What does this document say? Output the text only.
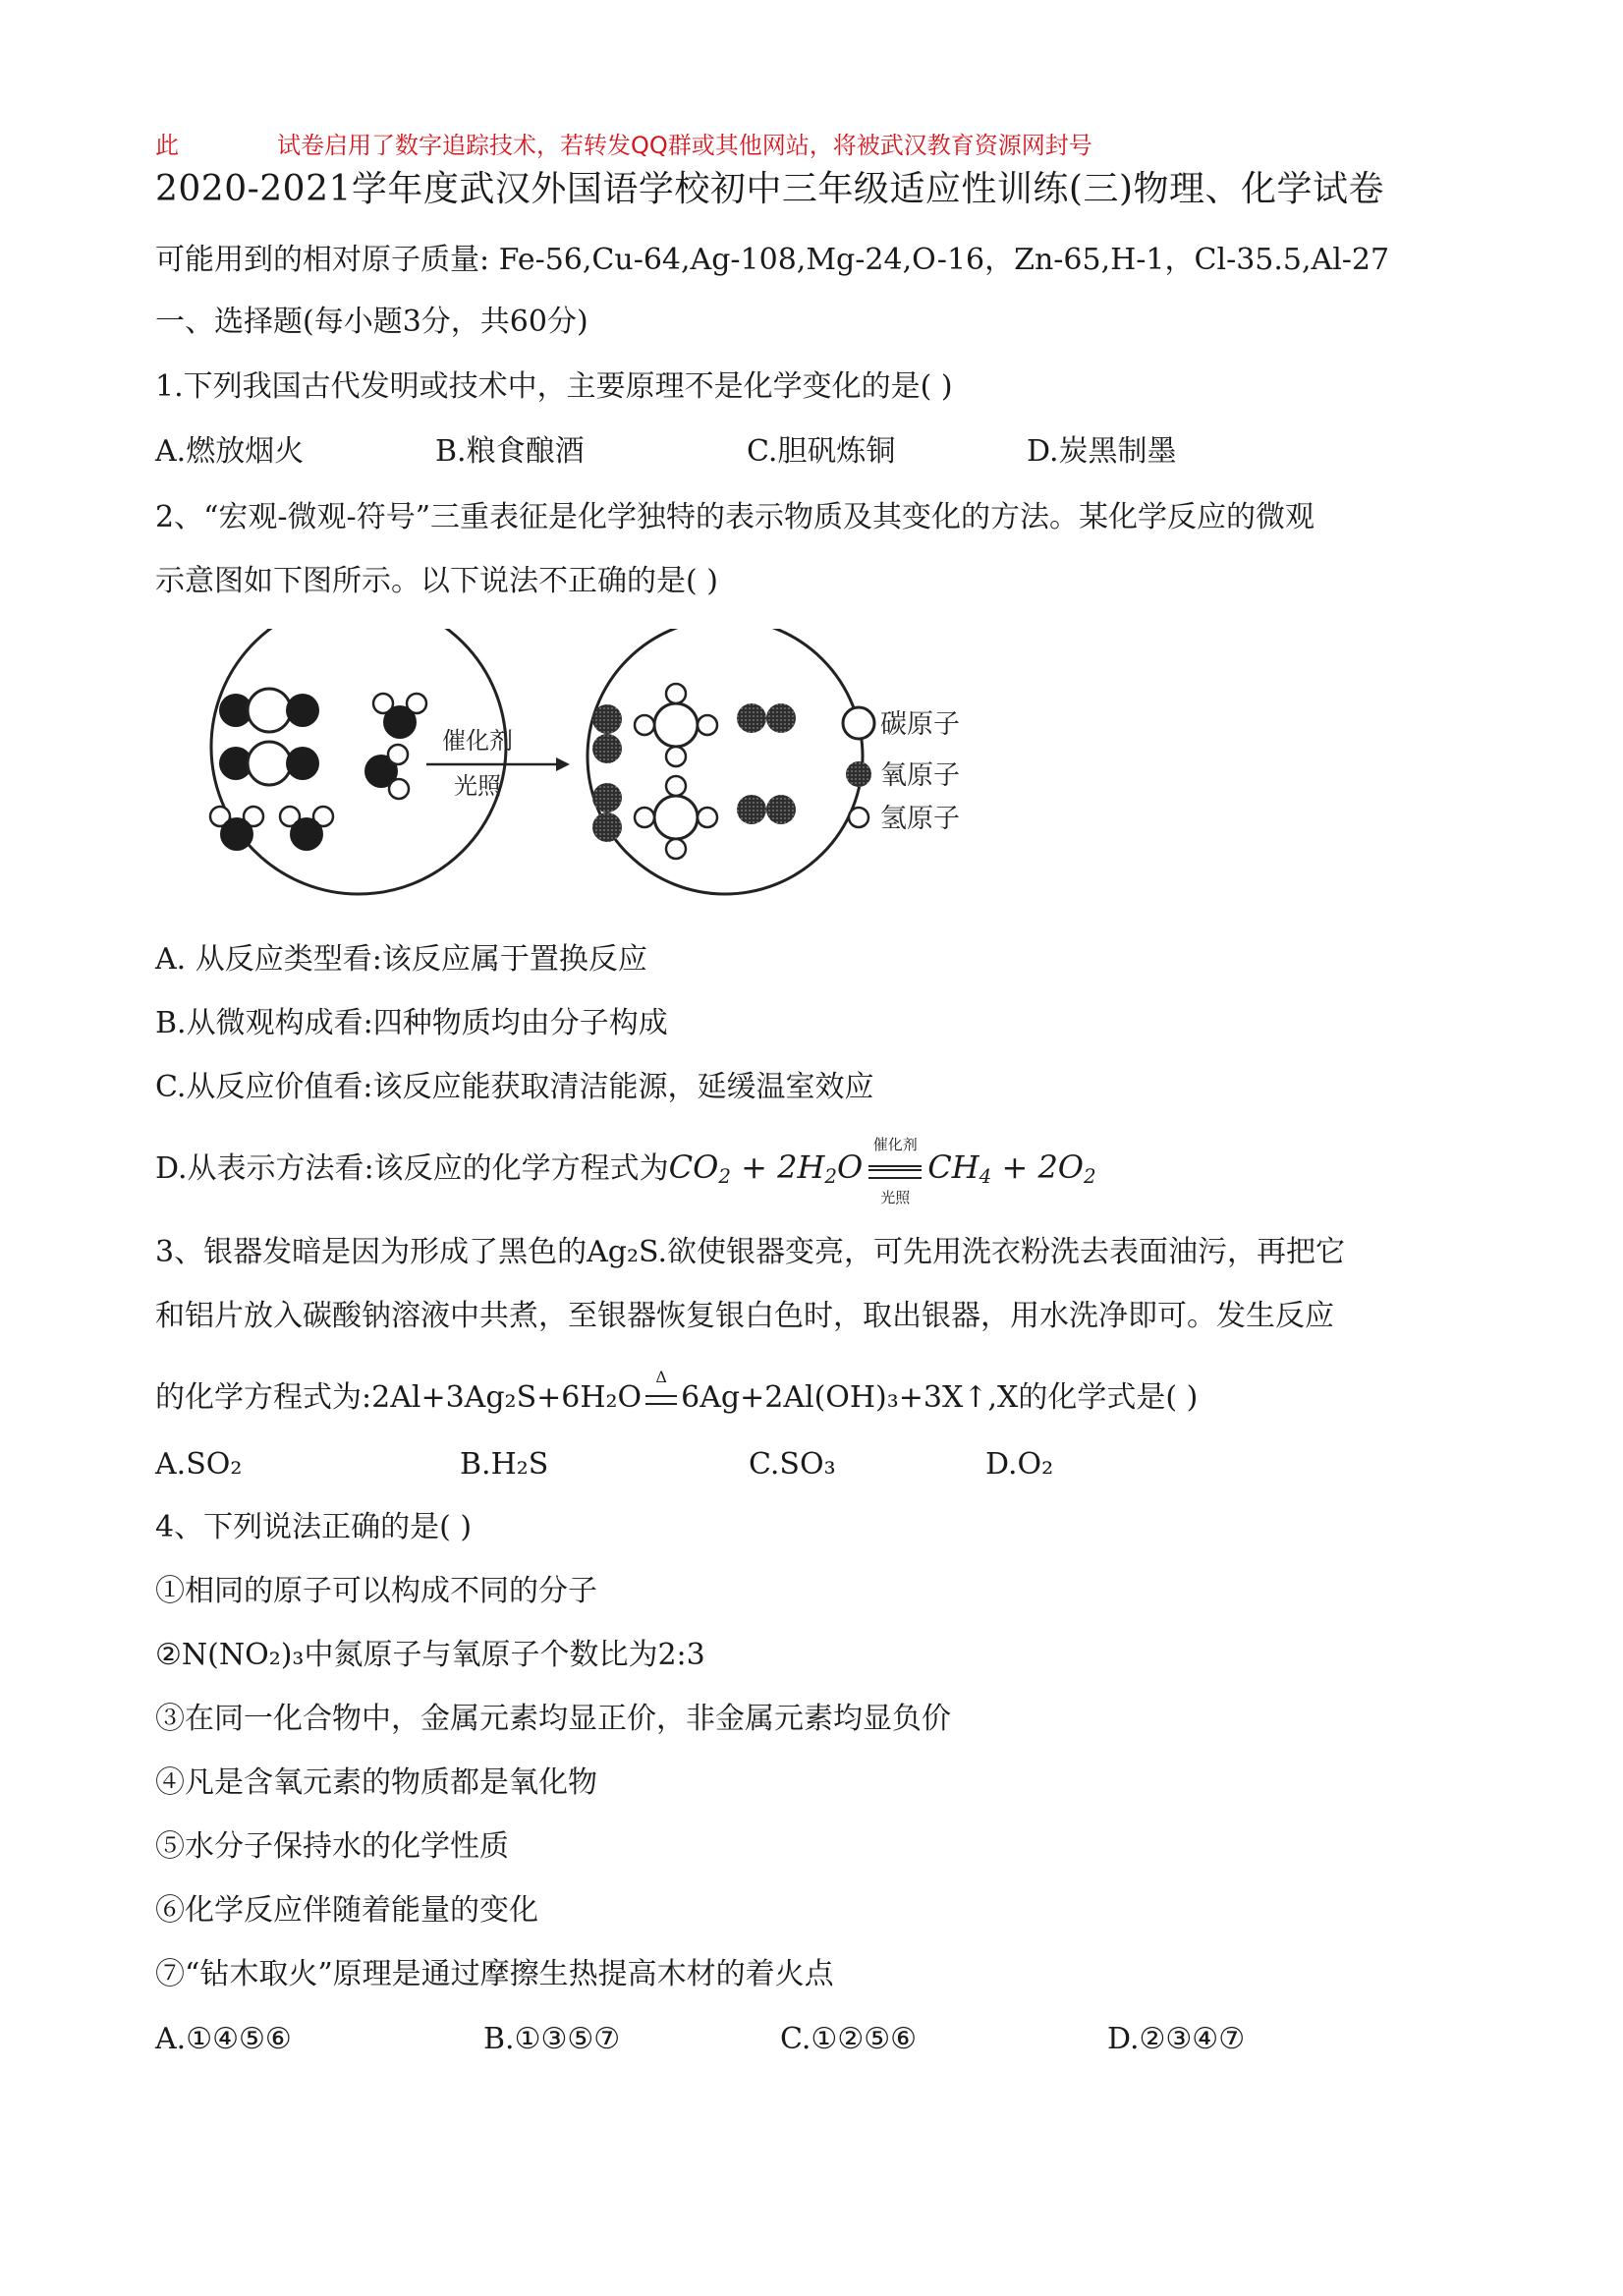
此	试卷启用了数字追踪技术，若转发QQ群或其他网站，将被武汉教育资源网封号
2020-2021学年度武汉外国语学校初中三年级适应性训练(三)物理、化学试卷
可能用到的相对原子质量: Fe-56,Cu-64,Ag-108,Mg-24,O-16，Zn-65,H-1，Cl-35.5,Al-27
一、选择题(每小题3分，共60分)
1.下列我国古代发明或技术中，主要原理不是化学变化的是( )
A.燃放烟火	B.粮食酿酒	C.胆矾炼铜	D.炭黑制墨
2、“宏观-微观-符号”三重表征是化学独特的表示物质及其变化的方法。某化学反应的微观
示意图如下图所示。以下说法不正确的是( )
催化剂
光照
碳原子
氧原子
氢原子
A. 从反应类型看:该反应属于置换反应
B.从微观构成看:四种物质均由分子构成
C.从反应价值看:该反应能获取清洁能源，延缓温室效应
D.从表示方法看:该反应的化学方程式为$CO_2 + 2H_2O$
催化剂
光照
$CH_4 + 2O_2$
3、银器发暗是因为形成了黑色的Ag₂S.欲使银器变亮，可先用洗衣粉洗去表面油污，再把它
和铝片放入碳酸钠溶液中共煮，至银器恢复银白色时，取出银器，用水洗净即可。发生反应
的化学方程式为:2Al+3Ag₂S+6H₂O
Δ
6Ag+2Al(OH)₃+3X↑,X的化学式是( )
A.SO₂	B.H₂S	C.SO₃	D.O₂
4、下列说法正确的是( )
①相同的原子可以构成不同的分子
②N(NO₂)₃中氮原子与氧原子个数比为2:3
③在同一化合物中，金属元素均显正价，非金属元素均显负价
④凡是含氧元素的物质都是氧化物
⑤水分子保持水的化学性质
⑥化学反应伴随着能量的变化
⑦“钻木取火”原理是通过摩擦生热提高木材的着火点
A.①④⑤⑥	B.①③⑤⑦	C.①②⑤⑥	D.②③④⑦
